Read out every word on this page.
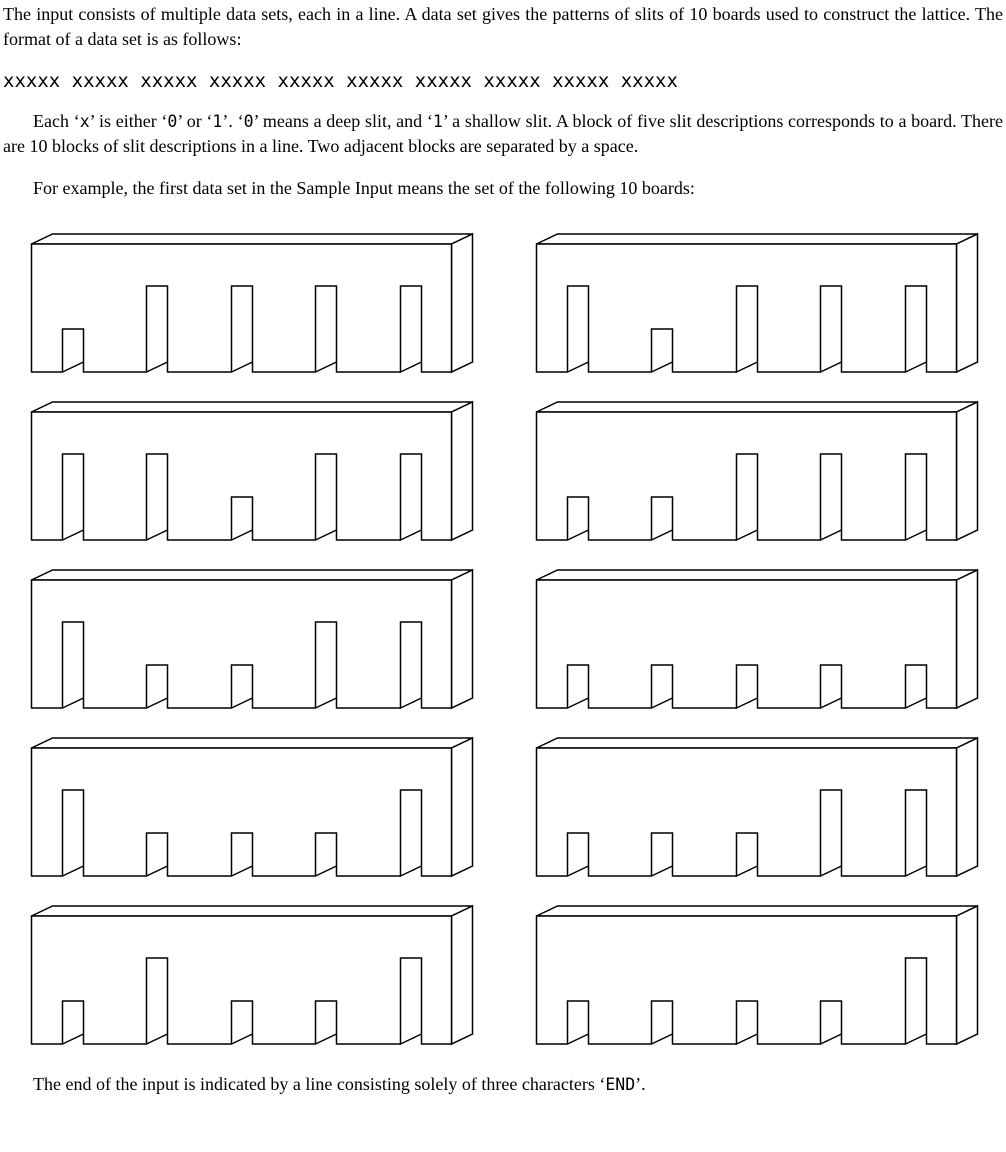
The input consists of multiple data sets, each in a line. A data set gives the patterns of slits of 10 boards used to construct the lattice. The format of a data set is as follows:

xxxxx xxxxx xxxxx xxxxx xxxxx xxxxx xxxxx xxxxx xxxxx xxxxx

Each ‘x’ is either ‘0’ or ‘1’. ‘0’ means a deep slit, and ‘1’ a shallow slit. A block of five slit descriptions corresponds to a board. There are 10 blocks of slit descriptions in a line. Two adjacent blocks are separated by a space.

For example, the first data set in the Sample Input means the set of the following 10 boards:

The end of the input is indicated by a line consisting solely of three characters ‘END’.
